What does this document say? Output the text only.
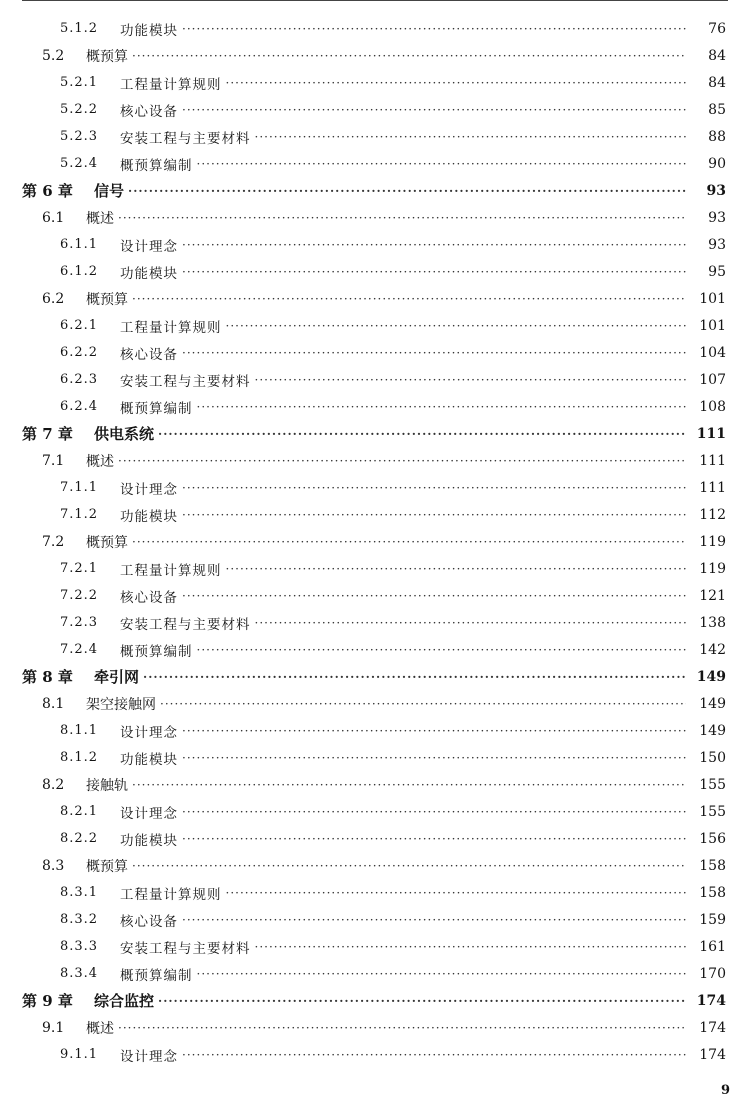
5.1.2	功能模块 ·····	76
5.2	概预算 ·····	84
5.2.1	工程量计算规则 ·····	84
5.2.2	核心设备 ·····	85
5.2.3	安装工程与主要材料 ·····	88
5.2.4	概预算编制 ·····	90
第 6 章	信号 ·····	93
6.1	概述 ·····	93
6.1.1	设计理念 ·····	93
6.1.2	功能模块 ·····	95
6.2	概预算 ·····	101
6.2.1	工程量计算规则 ·····	101
6.2.2	核心设备 ·····	104
6.2.3	安装工程与主要材料 ·····	107
6.2.4	概预算编制 ·····	108
第 7 章	供电系统 ·····	111
7.1	概述 ·····	111
7.1.1	设计理念 ·····	111
7.1.2	功能模块 ·····	112
7.2	概预算 ·····	119
7.2.1	工程量计算规则 ·····	119
7.2.2	核心设备 ·····	121
7.2.3	安装工程与主要材料 ·····	138
7.2.4	概预算编制 ·····	142
第 8 章	牵引网 ·····	149
8.1	架空接触网 ·····	149
8.1.1	设计理念 ·····	149
8.1.2	功能模块 ·····	150
8.2	接触轨 ·····	155
8.2.1	设计理念 ·····	155
8.2.2	功能模块 ·····	156
8.3	概预算 ·····	158
8.3.1	工程量计算规则 ·····	158
8.3.2	核心设备 ·····	159
8.3.3	安装工程与主要材料 ·····	161
8.3.4	概预算编制 ·····	170
第 9 章	综合监控 ·····	174
9.1	概述 ·····	174
9.1.1	设计理念 ·····	174
9
